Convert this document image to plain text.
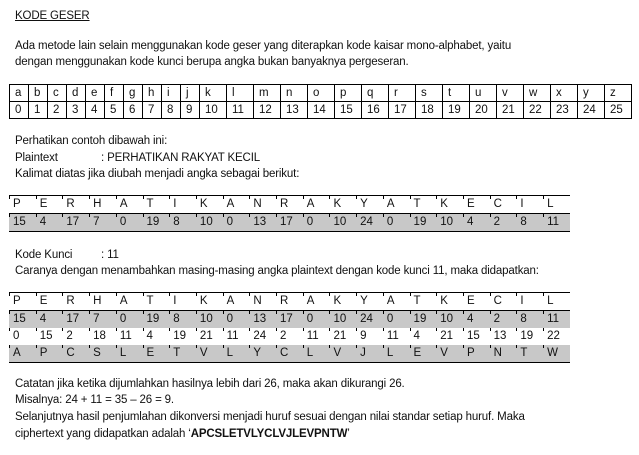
KODE GESER
Ada metode lain selain menggunakan kode geser yang diterapkan kode kaisar mono-alphabet, yaitu
dengan menggunakan kode kunci berupa angka bukan banyaknya pergeseran.
a	b	c	d	e	f	g	h	i	j	k	l	m	n	o	p	q	r	s	t	u	v	w	x	y	z
0	1	2	3	4	5	6	7	8	9	10	11	12	13	14	15	16	17	18	19	20	21	22	23	24	25
Perhatikan contoh dibawah ini:
Plaintext	: PERHATIKAN RAKYAT KECIL
Kalimat diatas jika diubah menjadi angka sebagai berikut:
P	E	R	H	A	T	I	K	A	N	R	A	K	Y	A	T	K	E	C	I	L
15	4	17	7	0	19	8	10	0	13	17	0	10	24	0	19	10	4	2	8	11
Kode Kunci : 11
Caranya dengan menambahkan masing-masing angka plaintext dengan kode kunci 11, maka didapatkan:
P	E	R	H	A	T	I	K	A	N	R	A	K	Y	A	T	K	E	C	I	L
15	4	17	7	0	19	8	10	0	13	17	0	10	24	0	19	10	4	2	8	11
0	15	2	18	11	4	19	21	11	24	2	11	21	9	11	4	21	15	13	19	22
A	P	C	S	L	E	T	V	L	Y	C	L	V	J	L	E	V	P	N	T	W
Catatan jika ketika dijumlahkan hasilnya lebih dari 26, maka akan dikurangi 26.
Misalnya: 24 + 11 = 35 – 26 = 9.
Selanjutnya hasil penjumlahan dikonversi menjadi huruf sesuai dengan nilai standar setiap huruf. Maka
ciphertext yang didapatkan adalah ‘APCSLETVLYCLVJLEVPNTW’
